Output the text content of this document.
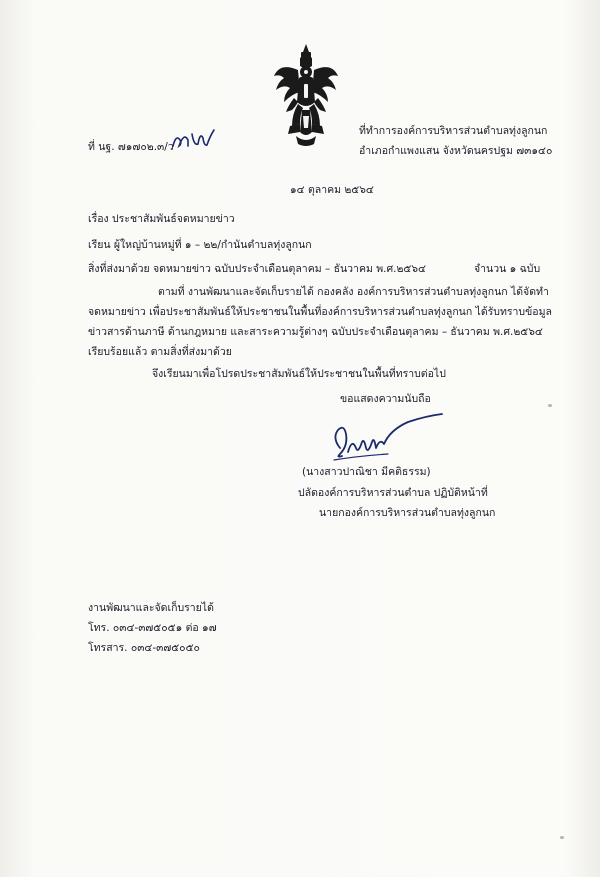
ที่ นฐ. ๗๑๗๐๒.๓/ว
ที่ทำการองค์การบริหารส่วนตำบลทุ่งลูกนก
อำเภอกำแพงแสน จังหวัดนครปฐม ๗๓๑๔๐
๑๔ ตุลาคม ๒๕๖๔
เรื่อง ประชาสัมพันธ์จดหมายข่าว
เรียน ผู้ใหญ่บ้านหมู่ที่ ๑ – ๒๒/กำนันตำบลทุ่งลูกนก
สิ่งที่ส่งมาด้วย จดหมายข่าว ฉบับประจำเดือนตุลาคม – ธันวาคม พ.ศ.๒๕๖๔	จำนวน ๑ ฉบับ
ตามที่ งานพัฒนาและจัดเก็บรายได้ กองคลัง องค์การบริหารส่วนตำบลทุ่งลูกนก ได้จัดทำ
จดหมายข่าว เพื่อประชาสัมพันธ์ให้ประชาชนในพื้นที่องค์การบริหารส่วนตำบลทุ่งลูกนก ได้รับทราบข้อมูล
ข่าวสารด้านภาษี ด้านกฎหมาย และสาระความรู้ต่างๆ ฉบับประจำเดือนตุลาคม – ธันวาคม พ.ศ.๒๕๖๔
เรียบร้อยแล้ว ตามสิ่งที่ส่งมาด้วย
จึงเรียนมาเพื่อโปรดประชาสัมพันธ์ให้ประชาชนในพื้นที่ทราบต่อไป
ขอแสดงความนับถือ
(นางสาวปาณิชา มีคติธรรม)
ปลัดองค์การบริหารส่วนตำบล ปฏิบัติหน้าที่
นายกองค์การบริหารส่วนตำบลทุ่งลูกนก
งานพัฒนาและจัดเก็บรายได้
โทร. ๐๓๔-๓๗๕๐๕๑ ต่อ ๑๗
โทรสาร. ๐๓๔-๓๗๕๐๕๐
